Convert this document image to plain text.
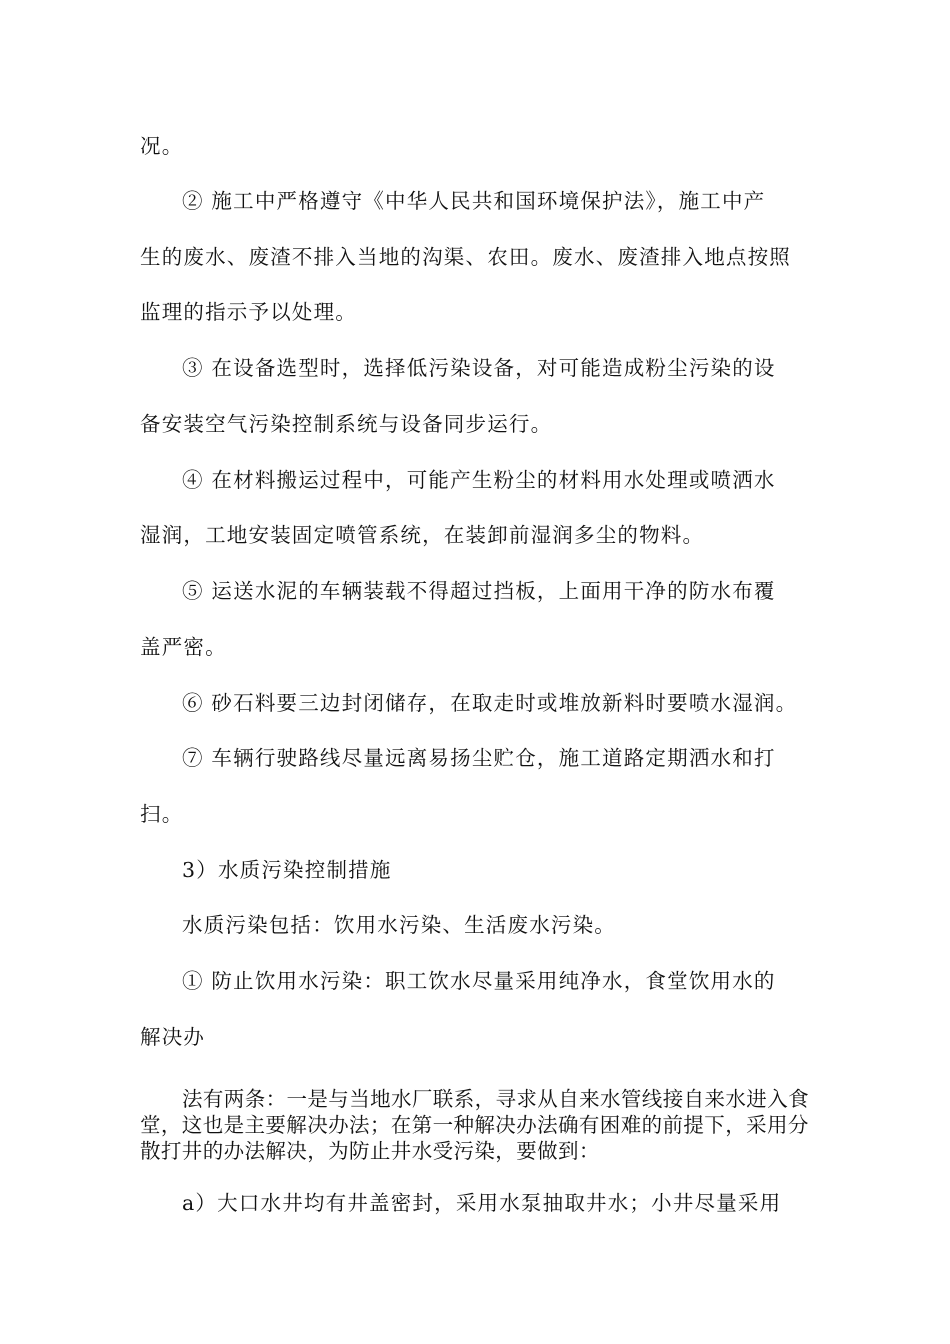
况。
② 施工中严格遵守《中华人民共和国环境保护法》，施工中产
生的废水、废渣不排入当地的沟渠、农田。废水、废渣排入地点按照
监理的指示予以处理。
③ 在设备选型时，选择低污染设备，对可能造成粉尘污染的设
备安装空气污染控制系统与设备同步运行。
④ 在材料搬运过程中，可能产生粉尘的材料用水处理或喷洒水
湿润，工地安装固定喷管系统，在装卸前湿润多尘的物料。
⑤ 运送水泥的车辆装载不得超过挡板，上面用干净的防水布覆
盖严密。
⑥ 砂石料要三边封闭储存，在取走时或堆放新料时要喷水湿润。
⑦ 车辆行驶路线尽量远离易扬尘贮仓，施工道路定期洒水和打
扫。
3）水质污染控制措施
水质污染包括：饮用水污染、生活废水污染。
① 防止饮用水污染：职工饮水尽量采用纯净水，食堂饮用水的
解决办
法有两条：一是与当地水厂联系，寻求从自来水管线接自来水进入食堂，这也是主要解决办法；在第一种解决办法确有困难的前提下，采用分散打井的办法解决，为防止井水受污染，要做到：
a）大口水井均有井盖密封，采用水泵抽取井水；小井尽量采用
